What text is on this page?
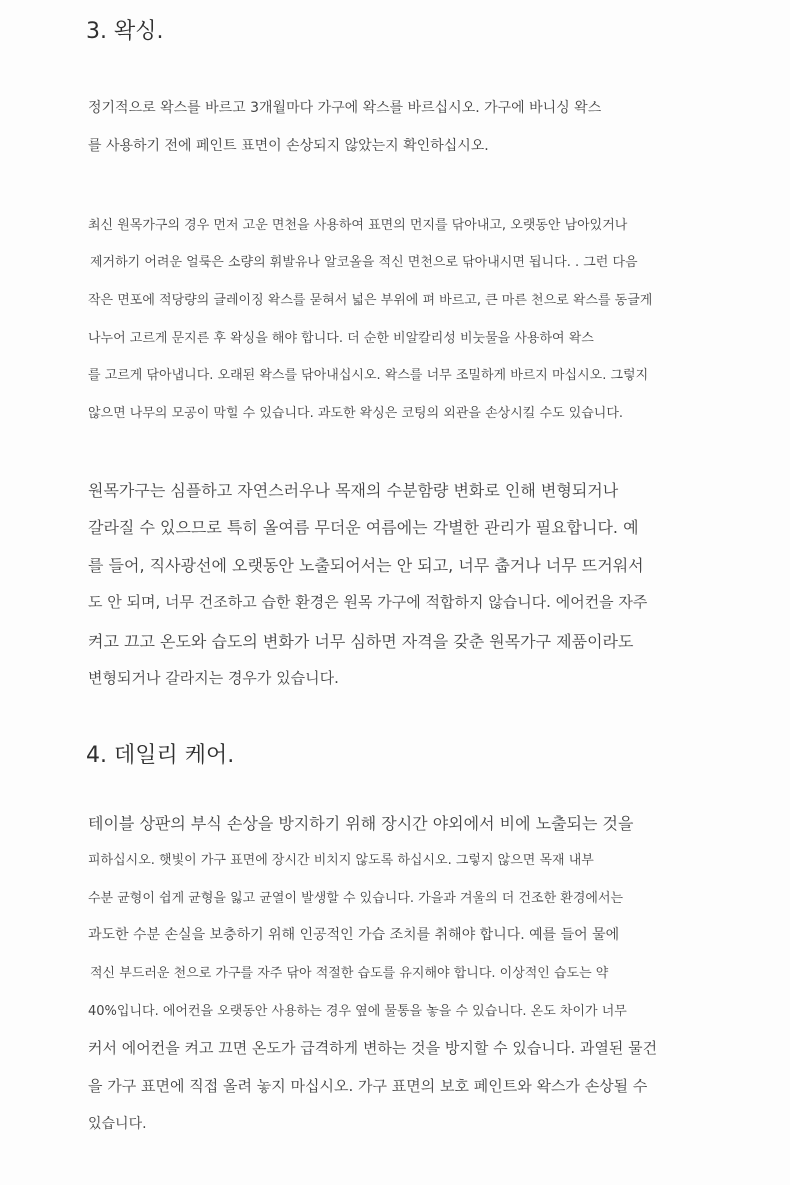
3. 왁싱.

정기적으로 왁스를 바르고 3개월마다 가구에 왁스를 바르십시오. 가구에 바니싱 왁스

를 사용하기 전에 페인트 표면이 손상되지 않았는지 확인하십시오.

최신 원목가구의 경우 먼저 고운 면천을 사용하여 표면의 먼지를 닦아내고, 오랫동안 남아있거나

제거하기 어려운 얼룩은 소량의 휘발유나 알코올을 적신 면천으로 닦아내시면 됩니다. . 그런 다음

작은 면포에 적당량의 글레이징 왁스를 묻혀서 넓은 부위에 펴 바르고, 큰 마른 천으로 왁스를 동글게

나누어 고르게 문지른 후 왁싱을 해야 합니다. 더 순한 비알칼리성 비눗물을 사용하여 왁스

를 고르게 닦아냅니다. 오래된 왁스를 닦아내십시오. 왁스를 너무 조밀하게 바르지 마십시오. 그렇지

않으면 나무의 모공이 막힐 수 있습니다. 과도한 왁싱은 코팅의 외관을 손상시킬 수도 있습니다.

원목가구는 심플하고 자연스러우나 목재의 수분함량 변화로 인해 변형되거나

갈라질 수 있으므로 특히 올여름 무더운 여름에는 각별한 관리가 필요합니다. 예

를 들어, 직사광선에 오랫동안 노출되어서는 안 되고, 너무 춥거나 너무 뜨거워서

도 안 되며, 너무 건조하고 습한 환경은 원목 가구에 적합하지 않습니다. 에어컨을 자주

켜고 끄고 온도와 습도의 변화가 너무 심하면 자격을 갖춘 원목가구 제품이라도

변형되거나 갈라지는 경우가 있습니다.

4. 데일리 케어.

테이블 상판의 부식 손상을 방지하기 위해 장시간 야외에서 비에 노출되는 것을

피하십시오. 햇빛이 가구 표면에 장시간 비치지 않도록 하십시오. 그렇지 않으면 목재 내부

수분 균형이 쉽게 균형을 잃고 균열이 발생할 수 있습니다. 가을과 겨울의 더 건조한 환경에서는

과도한 수분 손실을 보충하기 위해 인공적인 가습 조치를 취해야 합니다. 예를 들어 물에

적신 부드러운 천으로 가구를 자주 닦아 적절한 습도를 유지해야 합니다. 이상적인 습도는 약

40%입니다. 에어컨을 오랫동안 사용하는 경우 옆에 물통을 놓을 수 있습니다. 온도 차이가 너무

커서 에어컨을 켜고 끄면 온도가 급격하게 변하는 것을 방지할 수 있습니다. 과열된 물건

을 가구 표면에 직접 올려 놓지 마십시오. 가구 표면의 보호 페인트와 왁스가 손상될 수

있습니다.
